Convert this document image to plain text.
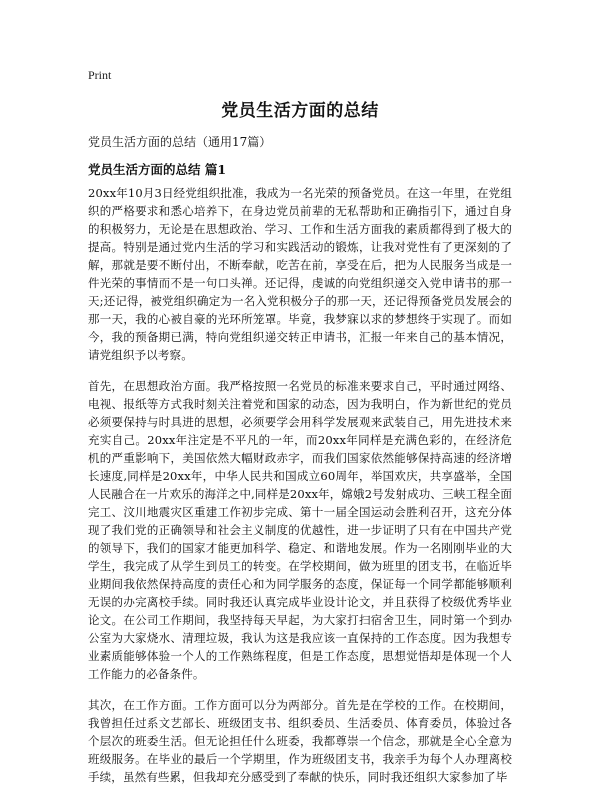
Print
党员生活方面的总结

党员生活方面的总结（通用17篇）

党员生活方面的总结 篇1

20xx年10月3日经党组织批准，我成为一名光荣的预备党员。在这一年里，在党组织的严格要求和悉心培养下，在身边党员前辈的无私帮助和正确指引下，通过自身的积极努力，无论是在思想政治、学习、工作和生活方面我的素质都得到了极大的提高。特别是通过党内生活的学习和实践活动的锻炼，让我对党性有了更深刻的了解，那就是要不断付出，不断奉献，吃苦在前，享受在后，把为人民服务当成是一件光荣的事情而不是一句口头禅。还记得，虔诚的向党组织递交入党申请书的那一天;还记得，被党组织确定为一名入党积极分子的那一天，还记得预备党员发展会的那一天，我的心被自豪的光环所笼罩。毕竟，我梦寐以求的梦想终于实现了。而如今，我的预备期已满，特向党组织递交转正申请书，汇报一年来自己的基本情况，请党组织予以考察。

首先，在思想政治方面。我严格按照一名党员的标准来要求自己，平时通过网络、电视、报纸等方式我时刻关注着党和国家的动态，因为我明白，作为新世纪的党员必须要保持与时具进的思想，必须要学会用科学发展观来武装自己，用先进技术来充实自己。20xx年注定是不平凡的一年，而20xx年同样是充满色彩的，在经济危机的严重影响下，美国依然大幅财政赤字，而我们国家依然能够保持高速的经济增长速度,同样是20xx年，中华人民共和国成立60周年，举国欢庆，共享盛举，全国人民融合在一片欢乐的海洋之中,同样是20xx年，嫦娥2号发射成功、三峡工程全面完工、汶川地震灾区重建工作初步完成、第十一届全国运动会胜利召开，这充分体现了我们党的正确领导和社会主义制度的优越性，进一步证明了只有在中国共产党的领导下，我们的国家才能更加科学、稳定、和谐地发展。作为一名刚刚毕业的大学生，我完成了从学生到员工的转变。在学校期间，做为班里的团支书，在临近毕业期间我依然保持高度的责任心和为同学服务的态度，保证每一个同学都能够顺利无误的办完离校手续。同时我还认真完成毕业设计论文，并且获得了校级优秀毕业论文。在公司工作期间，我坚持每天早起，为大家打扫宿舍卫生，同时第一个到办公室为大家烧水、清理垃圾，我认为这是我应该一直保持的工作态度。因为我想专业素质能够体验一个人的工作熟练程度，但是工作态度，思想觉悟却是体现一个人工作能力的必备条件。

其次，在工作方面。工作方面可以分为两部分。首先是在学校的工作。在校期间，我曾担任过系文艺部长、班级团支书、组织委员、生活委员、体育委员，体验过各个层次的班委生活。但无论担任什么班委，我都尊崇一个信念，那就是全心全意为班级服务。在毕业的最后一个学期里，作为班级团支书，我亲手为每个人办理离校手续，虽然有些累，但我却充分感受到了奉献的快乐，同时我还组织大家参加了毕
